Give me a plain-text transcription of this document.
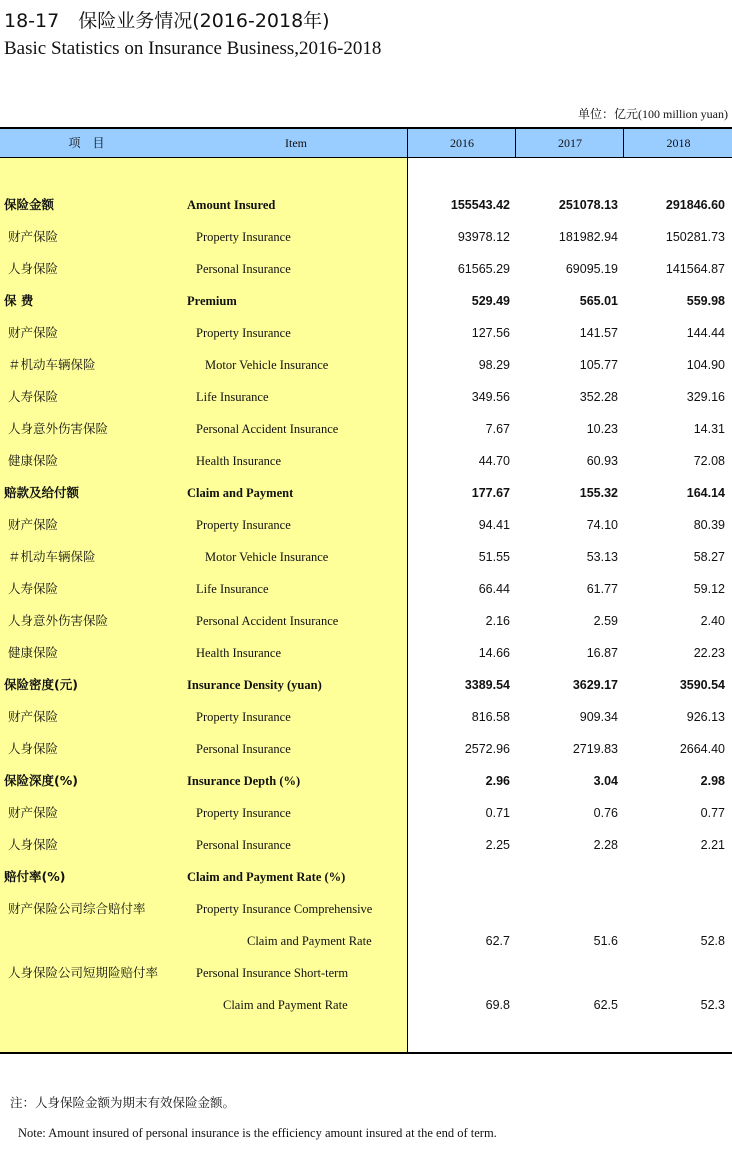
18-17　保险业务情况(2016-2018年)
Basic Statistics on Insurance Business,2016-2018
单位：亿元(100 million yuan)
项目	Item	2016	2017	2018
保险金额	Amount Insured	155543.42	251078.13	291846.60
财产保险	Property Insurance	93978.12	181982.94	150281.73
人身保险	Personal Insurance	61565.29	69095.19	141564.87
保 费	Premium	529.49	565.01	559.98
财产保险	Property Insurance	127.56	141.57	144.44
＃机动车辆保险	Motor Vehicle Insurance	98.29	105.77	104.90
人寿保险	Life Insurance	349.56	352.28	329.16
人身意外伤害保险	Personal Accident Insurance	7.67	10.23	14.31
健康保险	Health Insurance	44.70	60.93	72.08
赔款及给付额	Claim and Payment	177.67	155.32	164.14
财产保险	Property Insurance	94.41	74.10	80.39
＃机动车辆保险	Motor Vehicle Insurance	51.55	53.13	58.27
人寿保险	Life Insurance	66.44	61.77	59.12
人身意外伤害保险	Personal Accident Insurance	2.16	2.59	2.40
健康保险	Health Insurance	14.66	16.87	22.23
保险密度(元)	Insurance Density (yuan)	3389.54	3629.17	3590.54
财产保险	Property Insurance	816.58	909.34	926.13
人身保险	Personal Insurance	2572.96	2719.83	2664.40
保险深度(%)	Insurance Depth (%)	2.96	3.04	2.98
财产保险	Property Insurance	0.71	0.76	0.77
人身保险	Personal Insurance	2.25	2.28	2.21
赔付率(%)	Claim and Payment Rate (%)
财产保险公司综合赔付率	Property Insurance Comprehensive
Claim and Payment Rate	62.7	51.6	52.8
人身保险公司短期险赔付率	Personal Insurance Short-term
Claim and Payment Rate	69.8	62.5	52.3
注：人身保险金额为期末有效保险金额。
Note: Amount insured of personal insurance is the efficiency amount insured at the end of term.
